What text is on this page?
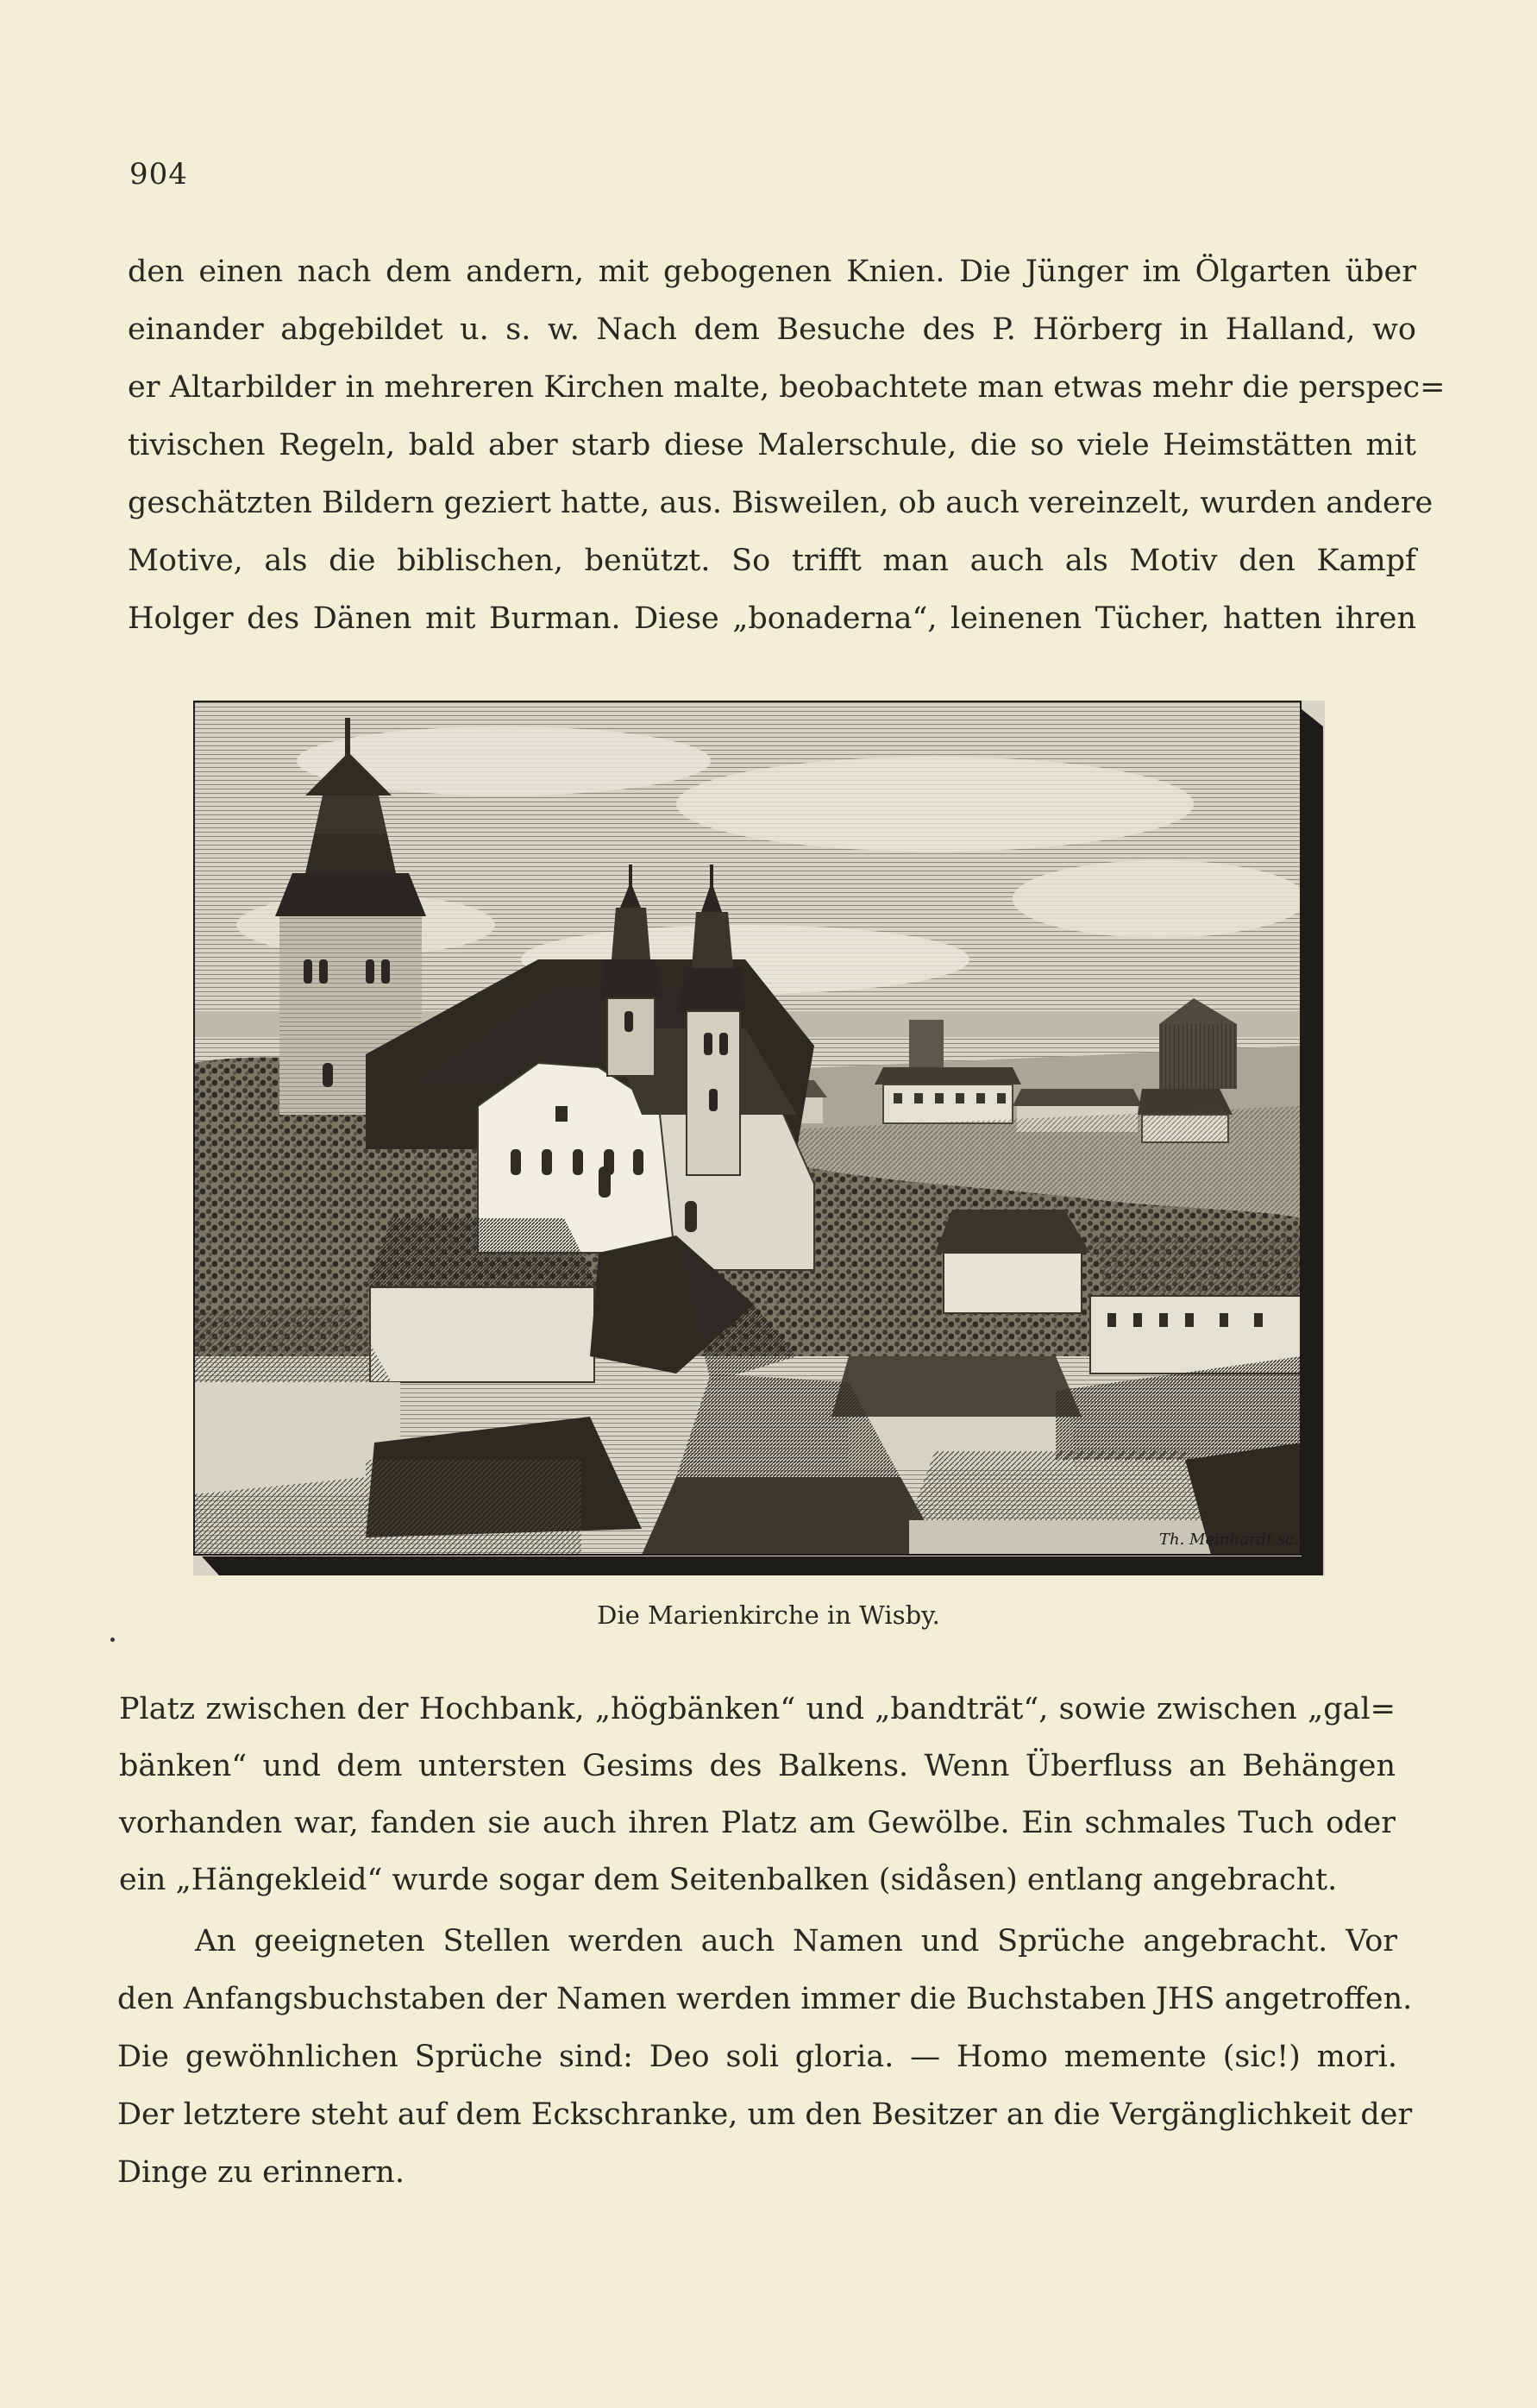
904
den einen nach dem andern, mit gebogenen Knien. Die Jünger im Ölgarten über
einander abgebildet u. s. w. Nach dem Besuche des P. Hörberg in Halland, wo
er Altarbilder in mehreren Kirchen malte, beobachtete man etwas mehr die perspec=
tivischen Regeln, bald aber starb diese Malerschule, die so viele Heimstätten mit
geschätzten Bildern geziert hatte, aus. Bisweilen, ob auch vereinzelt, wurden andere
Motive, als die biblischen, benützt. So trifft man auch als Motiv den Kampf
Holger des Dänen mit Burman. Diese „bonaderna“, leinenen Tücher, hatten ihren
Th. Meinhardt sc.
Die Marienkirche in Wisby.
Platz zwischen der Hochbank, „högbänken“ und „bandträt“, sowie zwischen „gal=
bänken“ und dem untersten Gesims des Balkens. Wenn Überfluss an Behängen
vorhanden war, fanden sie auch ihren Platz am Gewölbe. Ein schmales Tuch oder
ein „Hängekleid“ wurde sogar dem Seitenbalken (sidåsen) entlang angebracht.
An geeigneten Stellen werden auch Namen und Sprüche angebracht. Vor
den Anfangsbuchstaben der Namen werden immer die Buchstaben JHS angetroffen.
Die gewöhnlichen Sprüche sind: Deo soli gloria. — Homo memente (sic!) mori.
Der letztere steht auf dem Eckschranke, um den Besitzer an die Vergänglichkeit der
Dinge zu erinnern.
